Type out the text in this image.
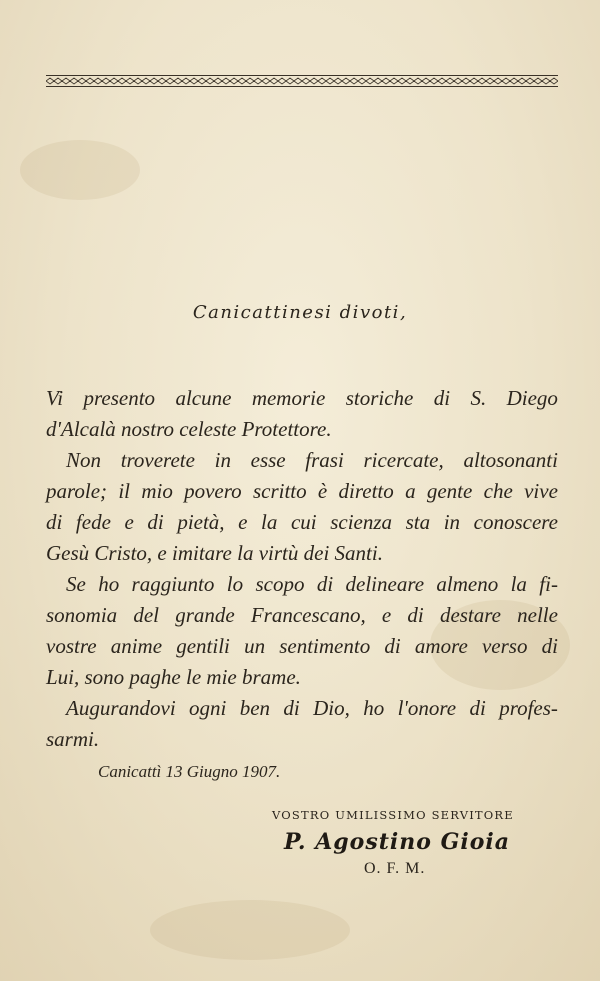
Canicattinesi divoti,
Vi presento alcune memorie storiche di S. Diego
d'Alcalà nostro celeste Protettore.
Non troverete in esse frasi ricercate, altosonanti
parole; il mio povero scritto è diretto a gente che vive
di fede e di pietà, e la cui scienza sta in conoscere
Gesù Cristo, e imitare la virtù dei Santi.
Se ho raggiunto lo scopo di delineare almeno la fi-
sonomia del grande Francescano, e di destare nelle
vostre anime gentili un sentimento di amore verso di
Lui, sono paghe le mie brame.
Augurandovi ogni ben di Dio, ho l'onore di profes-
sarmi.
Canicattì 13 Giugno 1907.
VOSTRO UMILISSIMO SERVITORE
P. Agostino Gioia
O. F. M.
